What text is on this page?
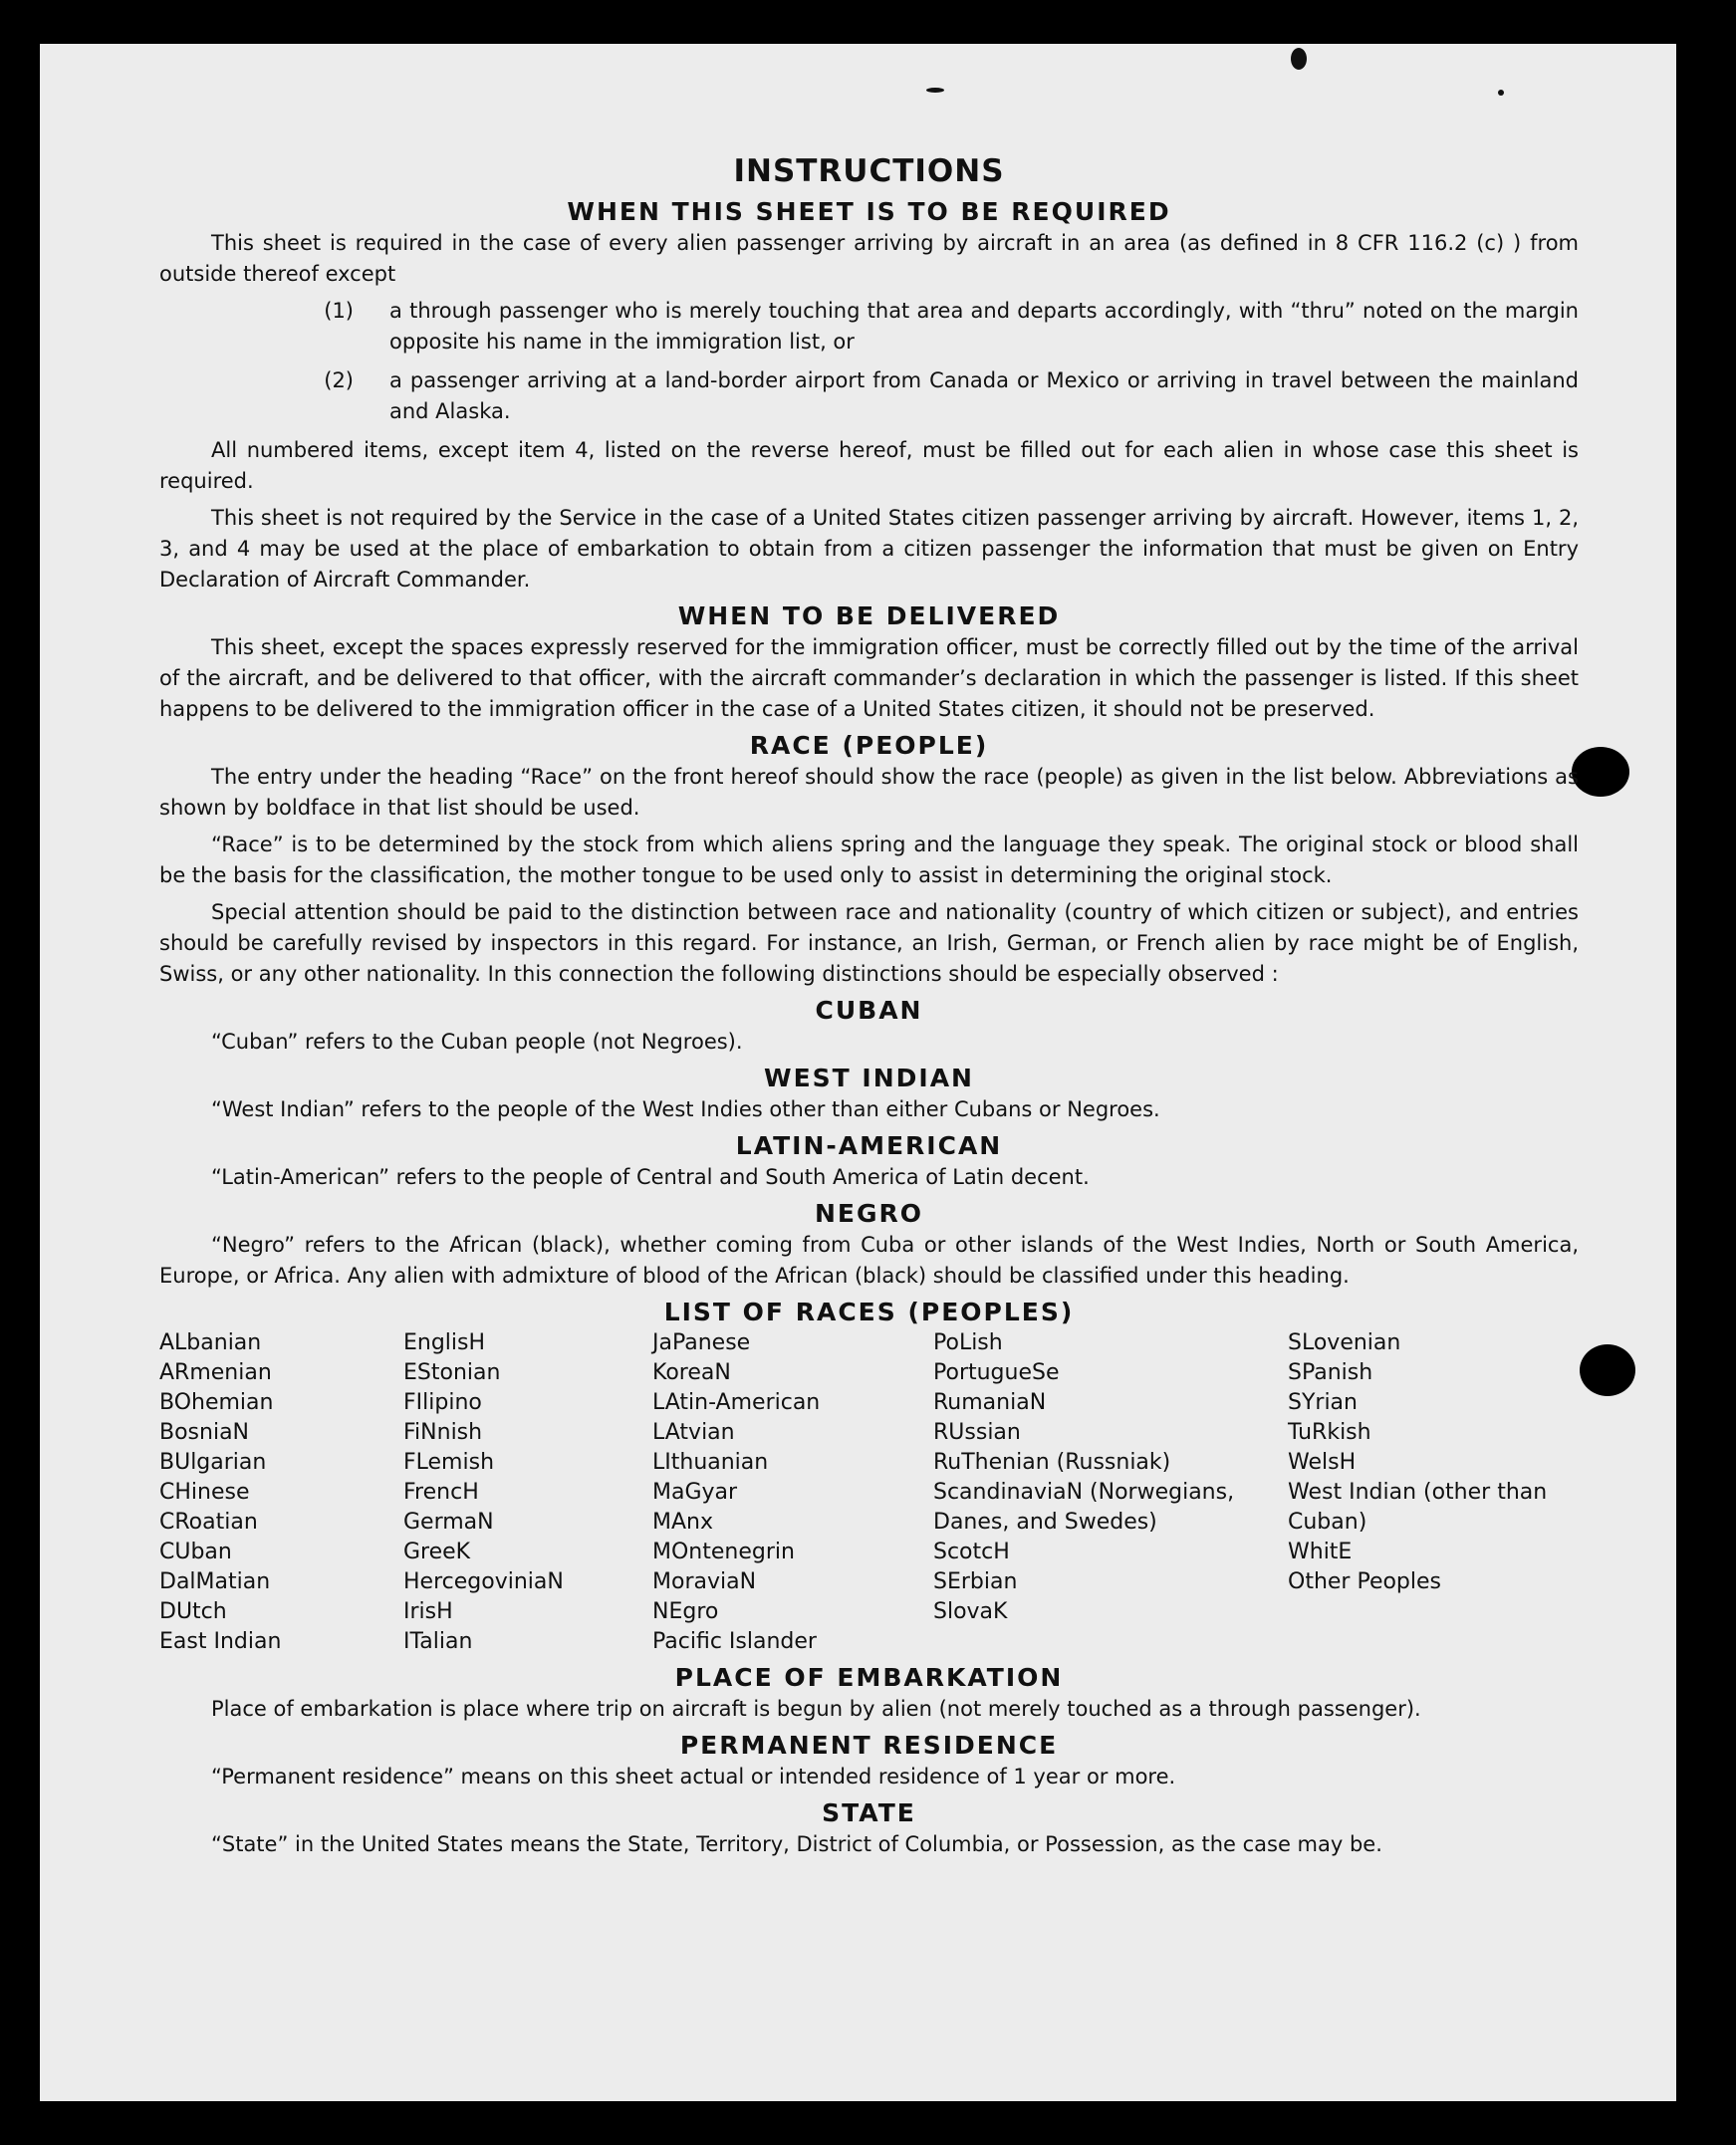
INSTRUCTIONS
WHEN THIS SHEET IS TO BE REQUIRED

This sheet is required in the case of every alien passenger arriving by aircraft in an area (as defined in 8 CFR 116.2 (c) ) from outside thereof except

(1)	a through passenger who is merely touching that area and departs accordingly, with “thru” noted on the margin opposite his name in the immigration list, or
(2)	a passenger arriving at a land-border airport from Canada or Mexico or arriving in travel between the mainland and Alaska.

All numbered items, except item 4, listed on the reverse hereof, must be filled out for each alien in whose case this sheet is required.

This sheet is not required by the Service in the case of a United States citizen passenger arriving by aircraft. However, items 1, 2, 3, and 4 may be used at the place of embarkation to obtain from a citizen passenger the information that must be given on Entry Declaration of Aircraft Commander.

WHEN TO BE DELIVERED

This sheet, except the spaces expressly reserved for the immigration officer, must be correctly filled out by the time of the arrival of the aircraft, and be delivered to that officer, with the aircraft commander’s declaration in which the passenger is listed. If this sheet happens to be delivered to the immigration officer in the case of a United States citizen, it should not be preserved.

RACE (PEOPLE)

The entry under the heading “Race” on the front hereof should show the race (people) as given in the list below. Abbreviations as shown by boldface in that list should be used.

“Race” is to be determined by the stock from which aliens spring and the language they speak. The original stock or blood shall be the basis for the classification, the mother tongue to be used only to assist in determining the original stock.

Special attention should be paid to the distinction between race and nationality (country of which citizen or subject), and entries should be carefully revised by inspectors in this regard. For instance, an Irish, German, or French alien by race might be of English, Swiss, or any other nationality. In this connection the following distinctions should be especially observed :

CUBAN

“Cuban” refers to the Cuban people (not Negroes).

WEST INDIAN

“West Indian” refers to the people of the West Indies other than either Cubans or Negroes.

LATIN-AMERICAN

“Latin-American” refers to the people of Central and South America of Latin decent.

NEGRO

“Negro” refers to the African (black), whether coming from Cuba or other islands of the West Indies, North or South America, Europe, or Africa. Any alien with admixture of blood of the African (black) should be classified under this heading.

LIST OF RACES (PEOPLES)
ALbanian
ARmenian
BOhemian
BosniaN
BUlgarian
CHinese
CRoatian
CUban
DalMatian
DUtch
East Indian
EnglisH
EStonian
FIlipino
FiNnish
FLemish
FrencH
GermaN
GreeK
HercegoviniaN
IrisH
ITalian
JaPanese
KoreaN
LAtin-American
LAtvian
LIthuanian
MaGyar
MAnx
MOntenegrin
MoraviaN
NEgro
Pacific Islander
PoLish
PortugueSe
RumaniaN
RUssian
RuThenian (Russniak)
ScandinaviaN (Norwegians, Danes, and Swedes)
ScotcH
SErbian
SlovaK
SLovenian
SPanish
SYrian
TuRkish
WelsH
West Indian (other than Cuban)
WhitE
Other Peoples
PLACE OF EMBARKATION

Place of embarkation is place where trip on aircraft is begun by alien (not merely touched as a through passenger).

PERMANENT RESIDENCE

“Permanent residence” means on this sheet actual or intended residence of 1 year or more.

STATE

“State” in the United States means the State, Territory, District of Columbia, or Possession, as the case may be.
